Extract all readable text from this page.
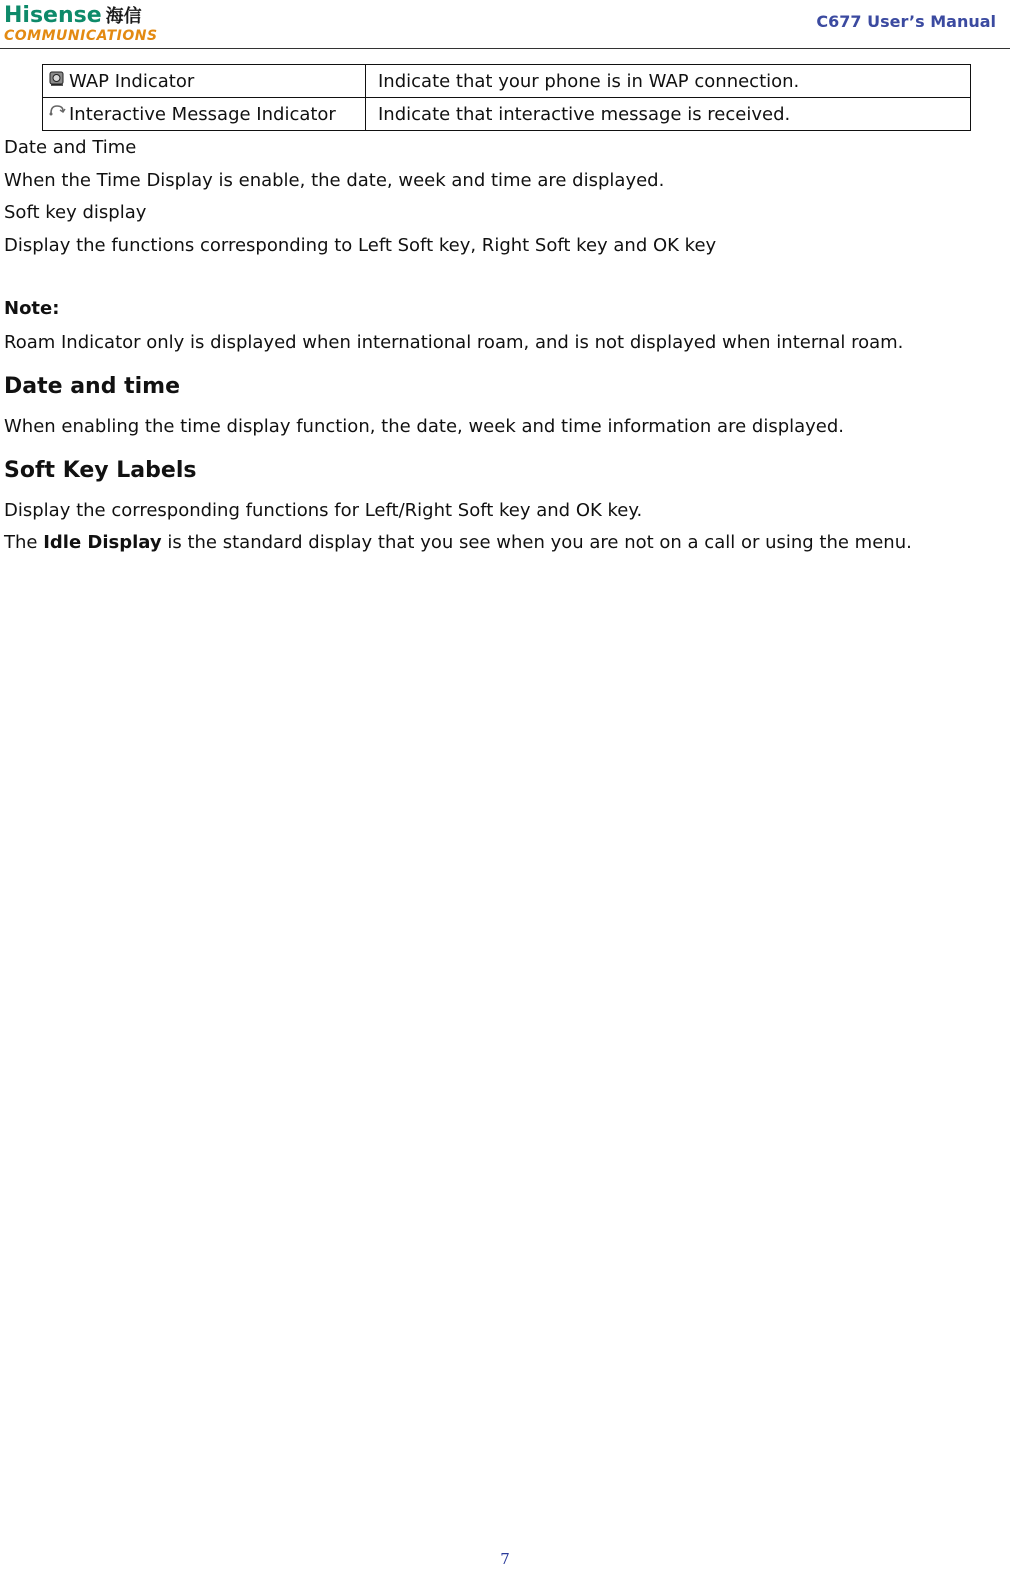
Hisense 海信
COMMUNICATIONS
C677 User’s Manual
WAP Indicator	Indicate that your phone is in WAP connection.
Interactive Message Indicator	Indicate that interactive message is received.
Date and Time
When the Time Display is enable, the date, week and time are displayed.
Soft key display
Display the functions corresponding to Left Soft key, Right Soft key and OK key
Note:
Roam Indicator only is displayed when international roam, and is not displayed when internal roam.
Date and time
When enabling the time display function, the date, week and time information are displayed.
Soft Key Labels
Display the corresponding functions for Left/Right Soft key and OK key.
The Idle Display is the standard display that you see when you are not on a call or using the menu.
7
